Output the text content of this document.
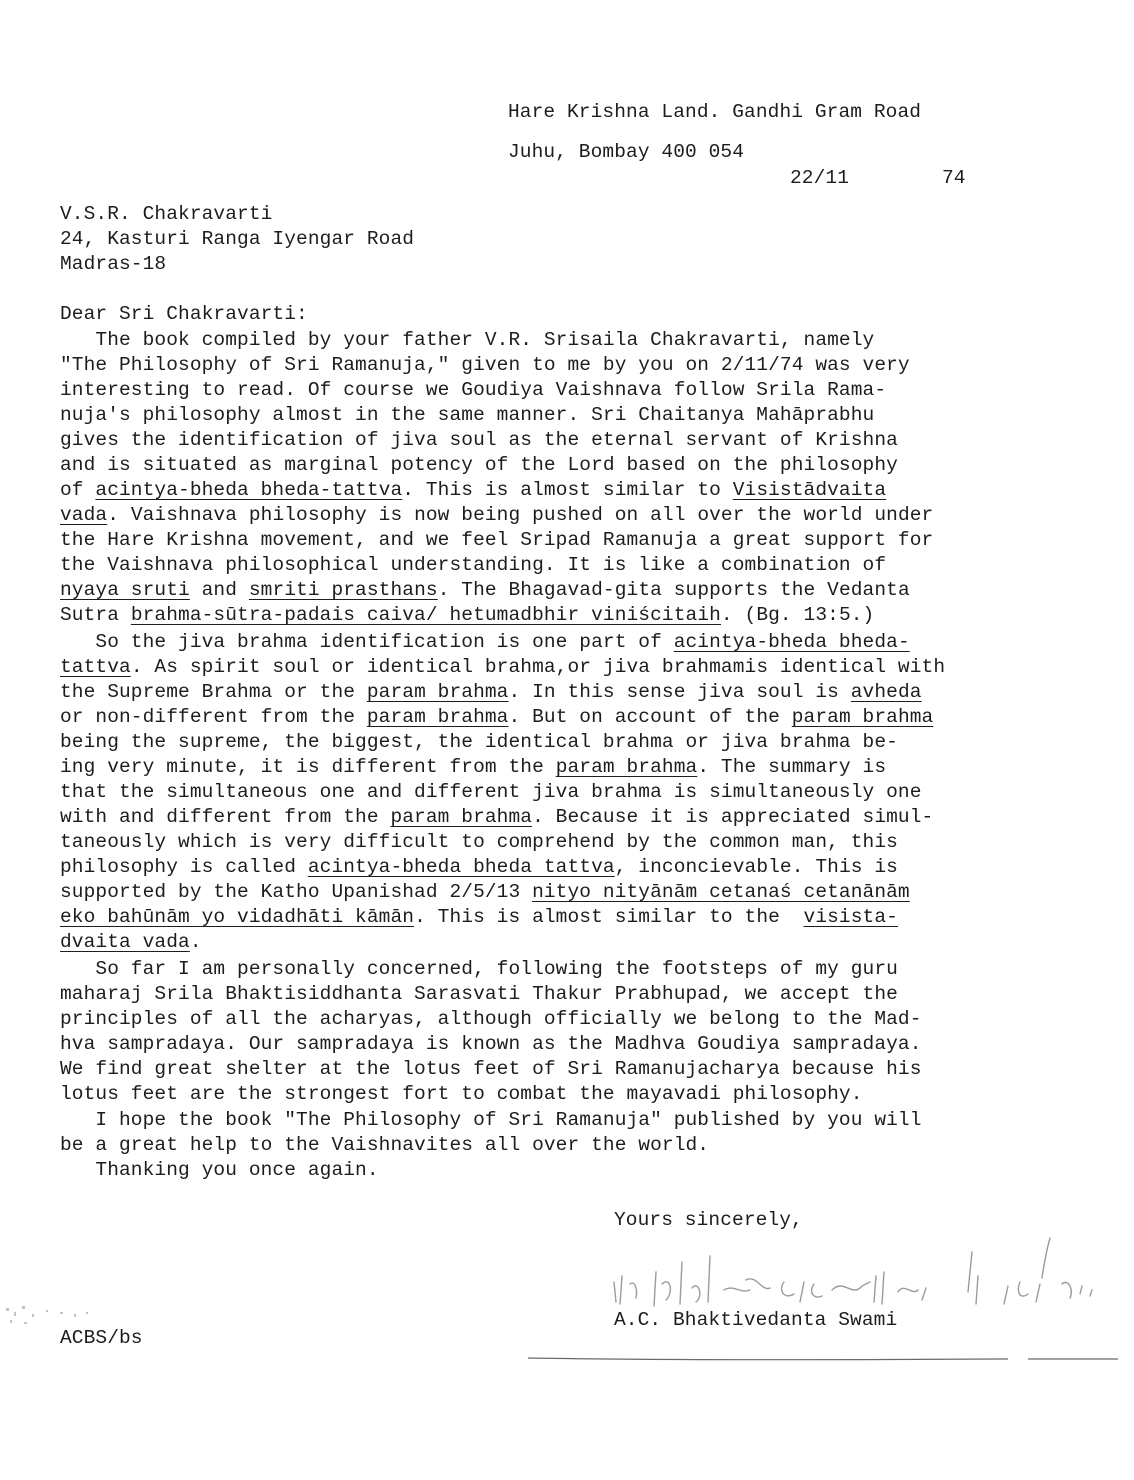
Hare Krishna Land. Gandhi Gram Road
Juhu, Bombay 400 054
22/11	74
V.S.R. Chakravarti
24, Kasturi Ranga Iyengar Road
Madras-18
Dear Sri Chakravarti:
The book compiled by your father V.R. Srisaila Chakravarti, namely
"The Philosophy of Sri Ramanuja," given to me by you on 2/11/74 was very
interesting to read. Of course we Goudiya Vaishnava follow Srila Rama-
nuja's philosophy almost in the same manner. Sri Chaitanya Mahāprabhu
gives the identification of jiva soul as the eternal servant of Krishna
and is situated as marginal potency of the Lord based on the philosophy
of acintya-bheda bheda-tattva. This is almost similar to Visistādvaita
vada. Vaishnava philosophy is now being pushed on all over the world under
the Hare Krishna movement, and we feel Sripad Ramanuja a great support for
the Vaishnava philosophical understanding. It is like a combination of
nyaya sruti and smriti prasthans. The Bhagavad-gita supports the Vedanta
Sutra brahma-sūtra-padais caiva/ hetumadbhir viniścitaih. (Bg. 13:5.)
So the jiva brahma identification is one part of acintya-bheda bheda-
tattva. As spirit soul or identical brahma,or jiva brahmamis identical with
the Supreme Brahma or the param brahma. In this sense jiva soul is avheda
or non-different from the param brahma. But on account of the param brahma
being the supreme, the biggest, the identical brahma or jiva brahma be-
ing very minute, it is different from the param brahma. The summary is
that the simultaneous one and different jiva brahma is simultaneously one
with and different from the param brahma. Because it is appreciated simul-
taneously which is very difficult to comprehend by the common man, this
philosophy is called acintya-bheda bheda tattva, inconcievable. This is
supported by the Katho Upanishad 2/5/13 nityo nityānām cetanaś cetanānām
eko bahūnām yo vidadhāti kāmān. This is almost similar to the  visista-
dvaita vada.
So far I am personally concerned, following the footsteps of my guru
maharaj Srila Bhaktisiddhanta Sarasvati Thakur Prabhupad, we accept the
principles of all the acharyas, although officially we belong to the Mad-
hva sampradaya. Our sampradaya is known as the Madhva Goudiya sampradaya.
We find great shelter at the lotus feet of Sri Ramanujacharya because his
lotus feet are the strongest fort to combat the mayavadi philosophy.
I hope the book "The Philosophy of Sri Ramanuja" published by you will
be a great help to the Vaishnavites all over the world.
Thanking you once again.
Yours sincerely,
A.C. Bhaktivedanta Swami
ACBS/bs
